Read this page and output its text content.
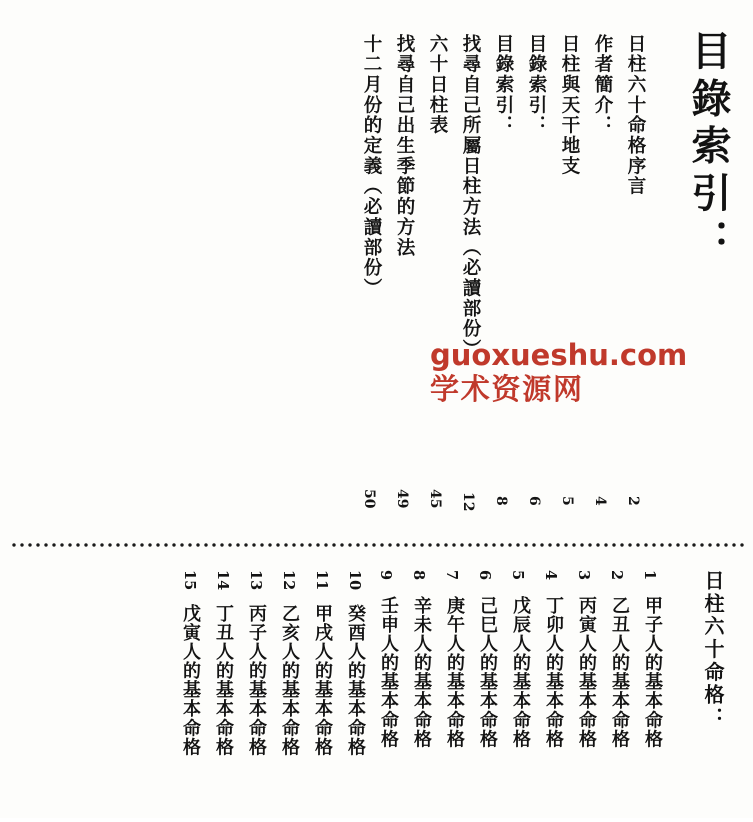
目錄索引：
日柱六十命格序言
作者簡介：
日柱與天干地支
目錄索引：
目錄索引：
找尋自己所屬日柱方法（必讀部份）
六十日柱表
找尋自己出生季節的方法
十二月份的定義（必讀部份）
2
4
5
6
8
12
45
49
50
guoxueshu.com
学术资源网
日柱六十命格：
1
甲子人的基本命格
2
乙丑人的基本命格
3
丙寅人的基本命格
4
丁卯人的基本命格
5
戊辰人的基本命格
6
己巳人的基本命格
7
庚午人的基本命格
8
辛未人的基本命格
9
壬申人的基本命格
10
癸酉人的基本命格
11
甲戌人的基本命格
12
乙亥人的基本命格
13
丙子人的基本命格
14
丁丑人的基本命格
15
戊寅人的基本命格
